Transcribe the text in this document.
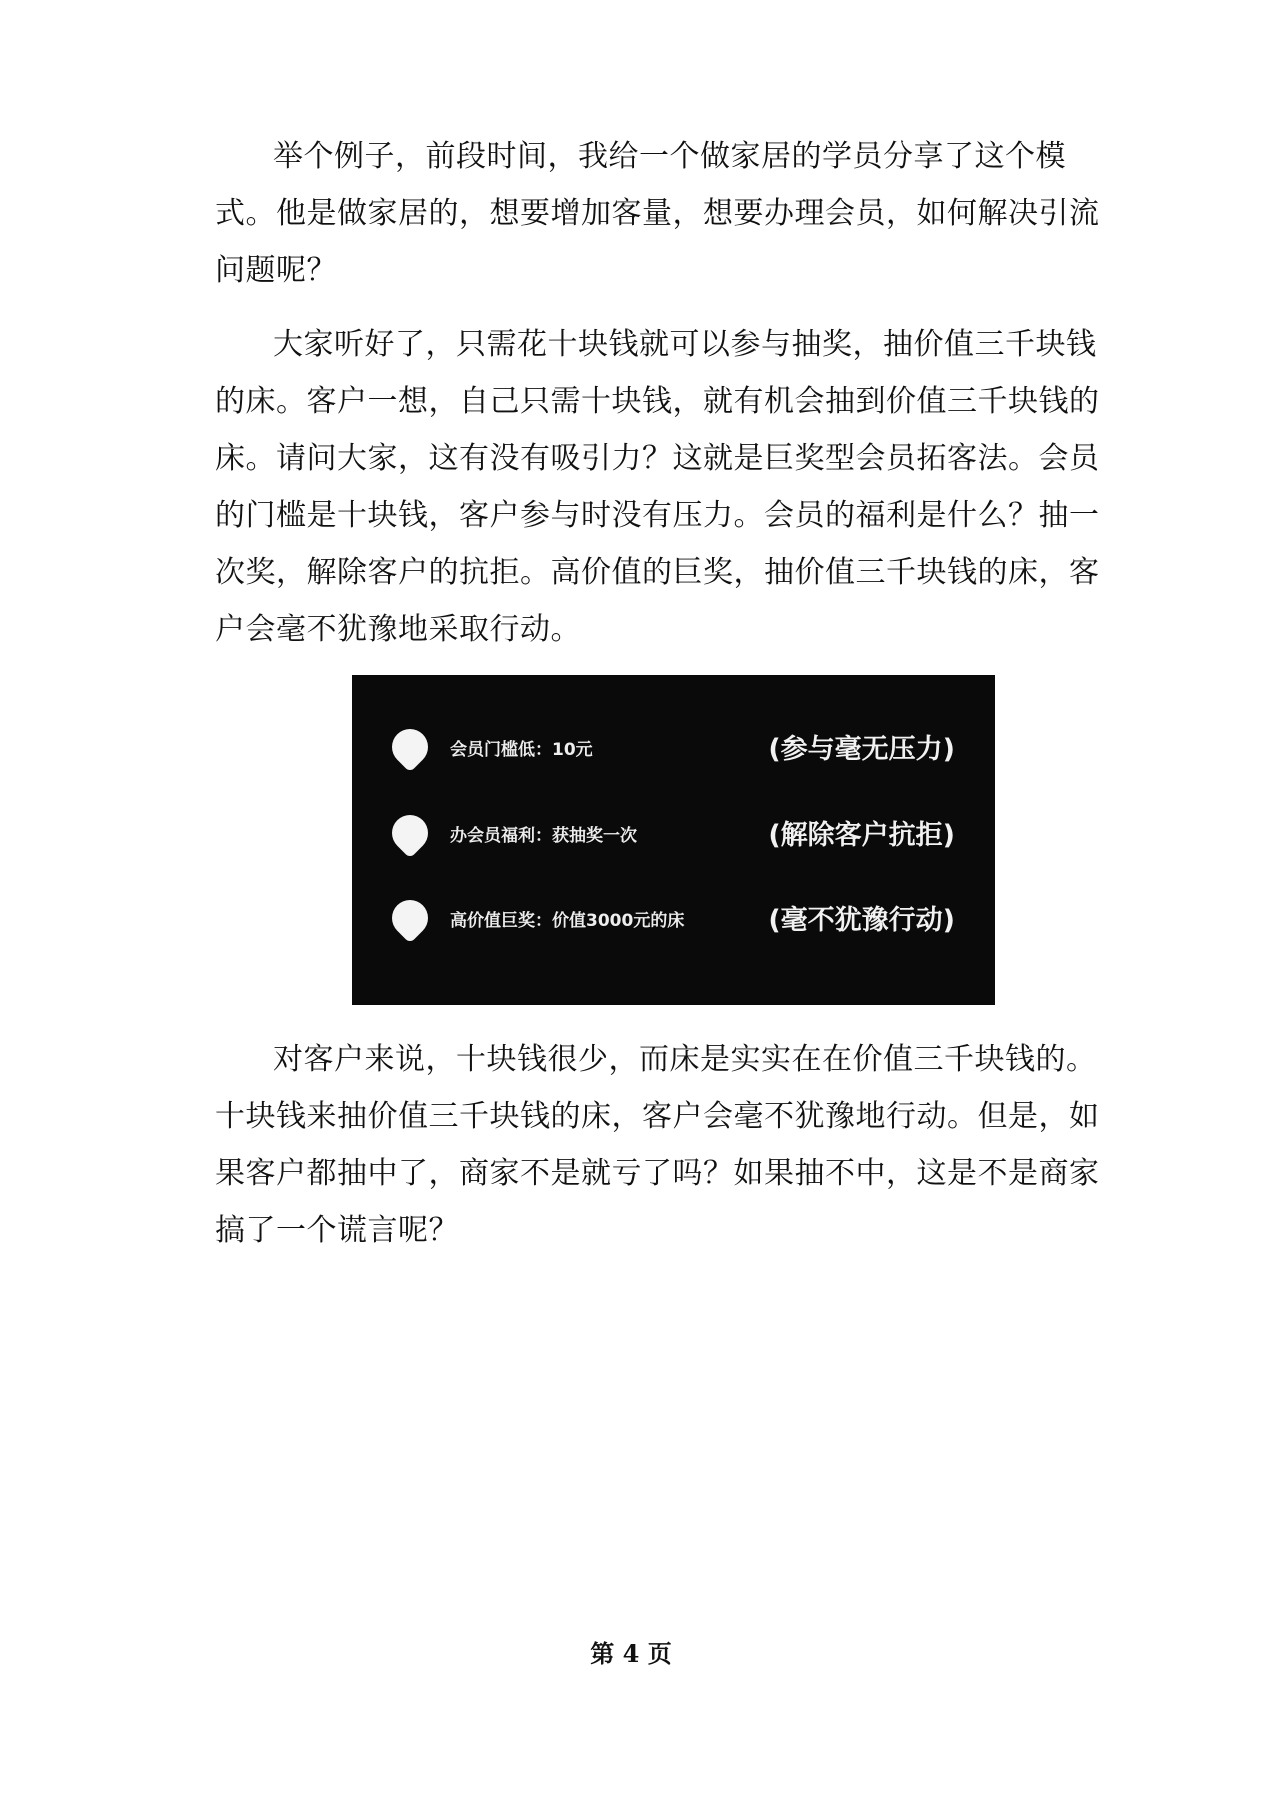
举个例子，前段时间，我给一个做家居的学员分享了这个模
式。他是做家居的，想要增加客量，想要办理会员，如何解决引流
问题呢？

大家听好了，只需花十块钱就可以参与抽奖，抽价值三千块钱
的床。客户一想，自己只需十块钱，就有机会抽到价值三千块钱的
床。请问大家，这有没有吸引力？这就是巨奖型会员拓客法。会员
的门槛是十块钱，客户参与时没有压力。会员的福利是什么？抽一
次奖，解除客户的抗拒。高价值的巨奖，抽价值三千块钱的床，客
户会毫不犹豫地采取行动。

会员门槛低：10元	(参与毫无压力)
办会员福利：获抽奖一次	(解除客户抗拒)
高价值巨奖：价值3000元的床	(毫不犹豫行动)

对客户来说，十块钱很少，而床是实实在在价值三千块钱的。
十块钱来抽价值三千块钱的床，客户会毫不犹豫地行动。但是，如
果客户都抽中了，商家不是就亏了吗？如果抽不中，这是不是商家
搞了一个谎言呢？

第 4 页
